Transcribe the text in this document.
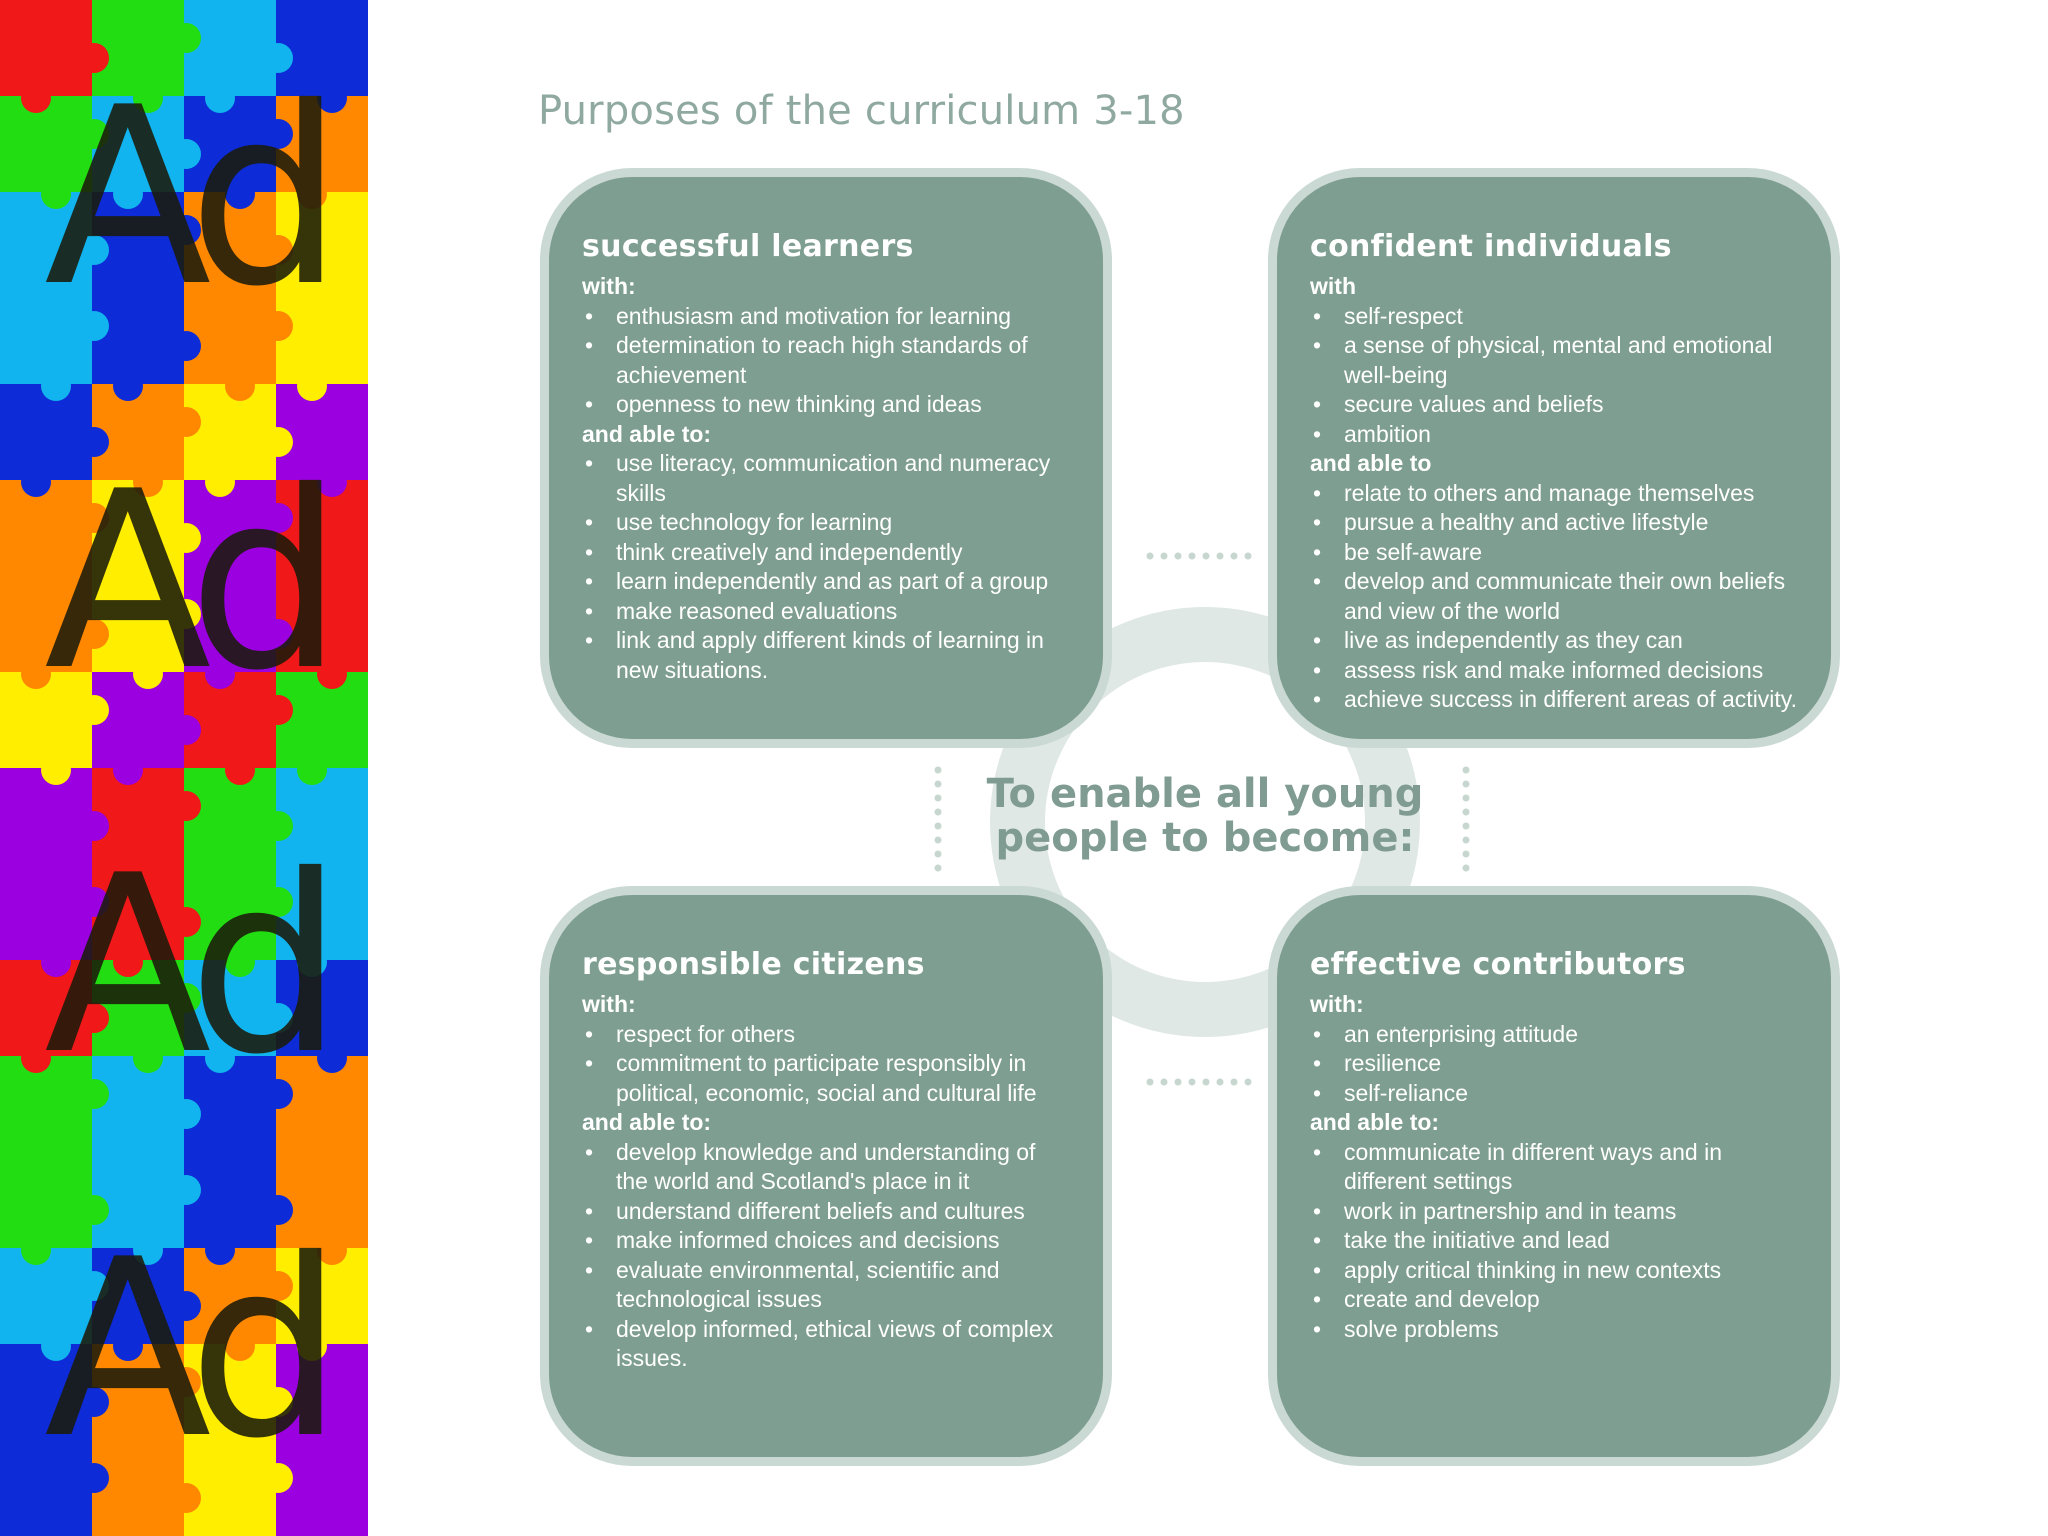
A
d
A
d
A
d
A
d
Purposes of the curriculum 3-18
To enable all young
people to become:
successful learners
with:
• enthusiasm and motivation for learning
• determination to reach high standards of achievement
• openness to new thinking and ideas
and able to:
• use literacy, communication and numeracy skills
• use technology for learning
• think creatively and independently
• learn independently and as part of a group
• make reasoned evaluations
• link and apply different kinds of learning in new situations.
confident individuals
with
• self-respect
• a sense of physical, mental and emotional well-being
• secure values and beliefs
• ambition
and able to
• relate to others and manage themselves
• pursue a healthy and active lifestyle
• be self-aware
• develop and communicate their own beliefs and view of the world
• live as independently as they can
• assess risk and make informed decisions
• achieve success in different areas of activity.
responsible citizens
with:
• respect for others
• commitment to participate responsibly in political, economic, social and cultural life
and able to:
• develop knowledge and understanding of the world and Scotland's place in it
• understand different beliefs and cultures
• make informed choices and decisions
• evaluate environmental, scientific and technological issues
• develop informed, ethical views of complex issues.
effective contributors
with:
• an enterprising attitude
• resilience
• self-reliance
and able to:
• communicate in different ways and in different settings
• work in partnership and in teams
• take the initiative and lead
• apply critical thinking in new contexts
• create and develop
• solve problems
